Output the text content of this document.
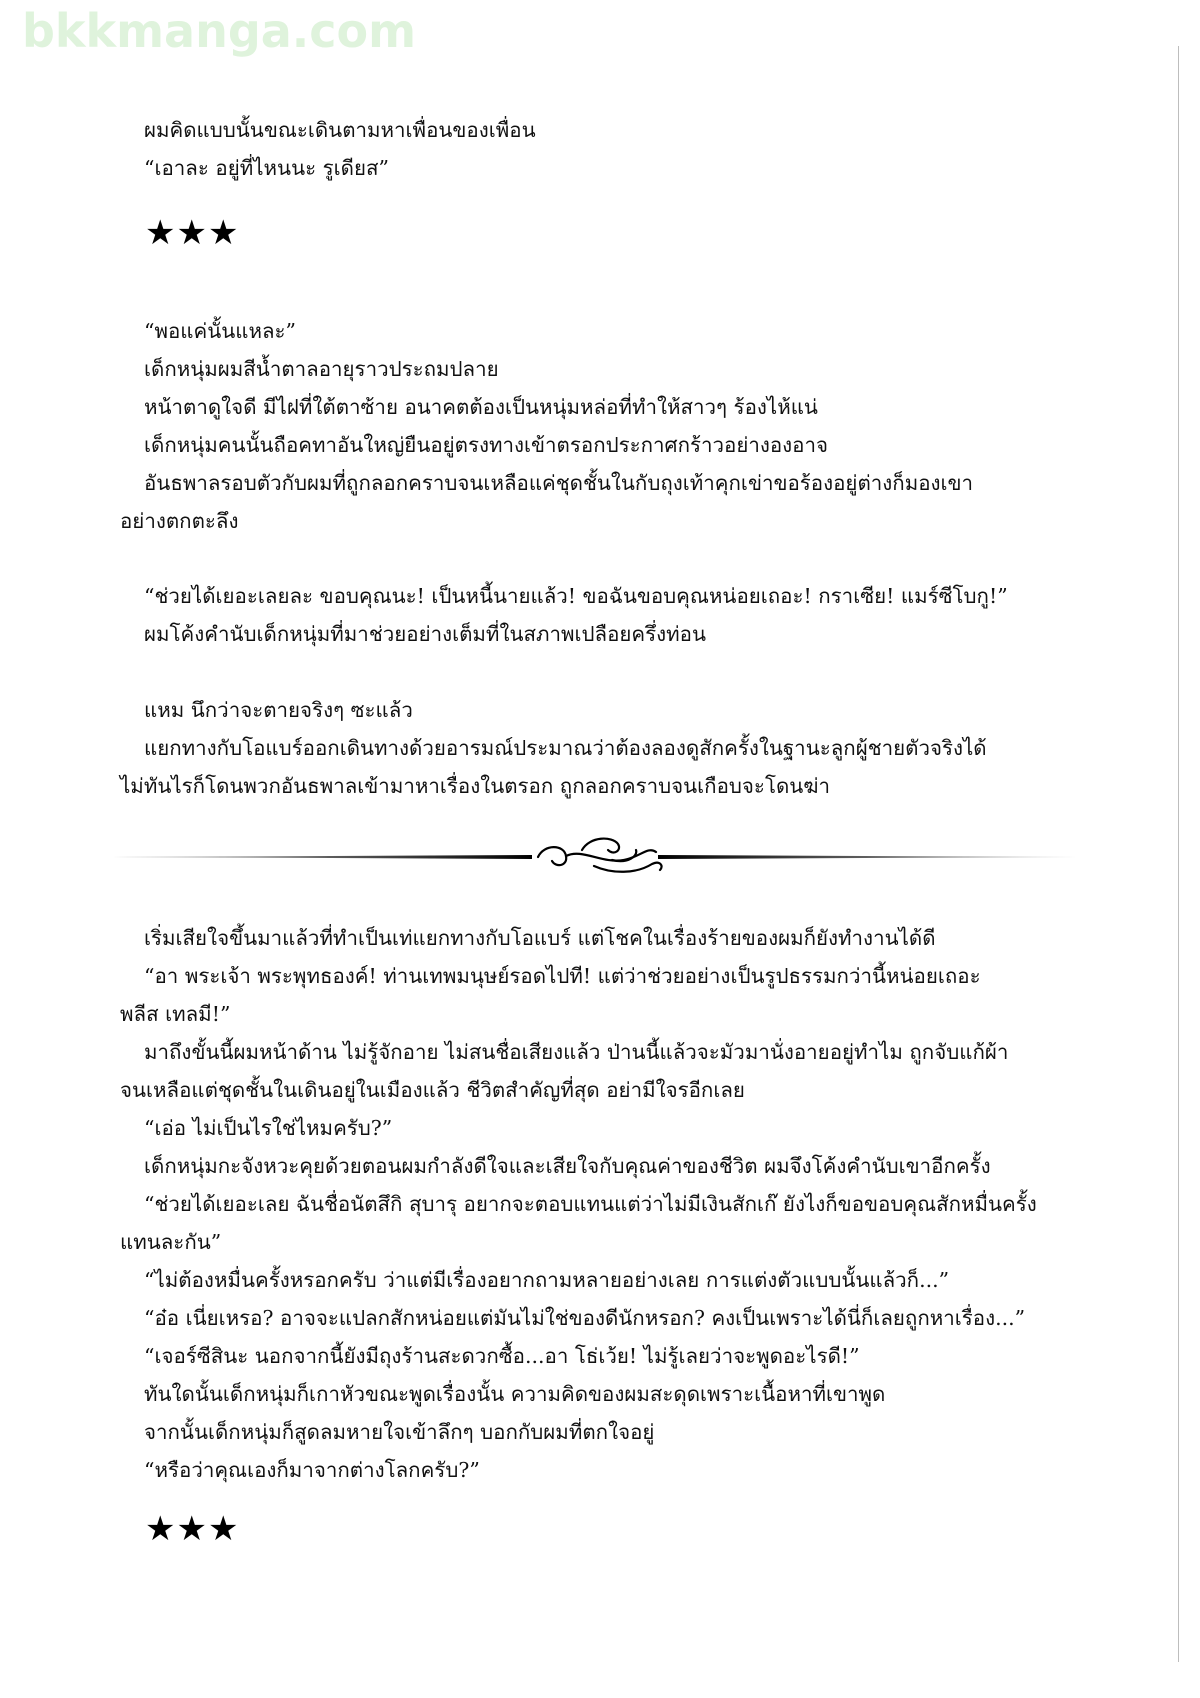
bkkmanga.com
ผมคิดแบบนั้นขณะเดินตามหาเพื่อนของเพื่อน
“เอาละ อยู่ที่ไหนนะ รูเดียส”
★★★
“พอแค่นั้นแหละ”
เด็กหนุ่มผมสีน้ำตาลอายุราวประถมปลาย
หน้าตาดูใจดี มีไฝที่ใต้ตาซ้าย อนาคตต้องเป็นหนุ่มหล่อที่ทำให้สาวๆ ร้องไห้แน่
เด็กหนุ่มคนนั้นถือคทาอันใหญ่ยืนอยู่ตรงทางเข้าตรอกประกาศกร้าวอย่างองอาจ
อันธพาลรอบตัวกับผมที่ถูกลอกคราบจนเหลือแค่ชุดชั้นในกับถุงเท้าคุกเข่าขอร้องอยู่ต่างก็มองเขา
อย่างตกตะลึง
“ช่วยได้เยอะเลยละ ขอบคุณนะ! เป็นหนี้นายแล้ว! ขอฉันขอบคุณหน่อยเถอะ! กราเซีย! แมร์ซีโบกู!”
ผมโค้งคำนับเด็กหนุ่มที่มาช่วยอย่างเต็มที่ในสภาพเปลือยครึ่งท่อน
แหม นึกว่าจะตายจริงๆ ซะแล้ว
แยกทางกับโอแบร์ออกเดินทางด้วยอารมณ์ประมาณว่าต้องลองดูสักครั้งในฐานะลูกผู้ชายตัวจริงได้
ไม่ทันไรก็โดนพวกอันธพาลเข้ามาหาเรื่องในตรอก ถูกลอกคราบจนเกือบจะโดนฆ่า
เริ่มเสียใจขึ้นมาแล้วที่ทำเป็นเท่แยกทางกับโอแบร์ แต่โชคในเรื่องร้ายของผมก็ยังทำงานได้ดี
“อา พระเจ้า พระพุทธองค์! ท่านเทพมนุษย์รอดไปที! แต่ว่าช่วยอย่างเป็นรูปธรรมกว่านี้หน่อยเถอะ
พลีส เทลมี!”
มาถึงขั้นนี้ผมหน้าด้าน ไม่รู้จักอาย ไม่สนชื่อเสียงแล้ว ป่านนี้แล้วจะมัวมานั่งอายอยู่ทำไม ถูกจับแก้ผ้า
จนเหลือแต่ชุดชั้นในเดินอยู่ในเมืองแล้ว ชีวิตสำคัญที่สุด อย่ามีใจรอีกเลย
“เอ่อ ไม่เป็นไรใช่ไหมครับ?”
เด็กหนุ่มกะจังหวะคุยด้วยตอนผมกำลังดีใจและเสียใจกับคุณค่าของชีวิต ผมจึงโค้งคำนับเขาอีกครั้ง
“ช่วยได้เยอะเลย ฉันชื่อนัตสึกิ สุบารุ อยากจะตอบแทนแต่ว่าไม่มีเงินสักเก๊ ยังไงก็ขอขอบคุณสักหมื่นครั้ง
แทนละกัน”
“ไม่ต้องหมื่นครั้งหรอกครับ ว่าแต่มีเรื่องอยากถามหลายอย่างเลย การแต่งตัวแบบนั้นแล้วก็...”
“อ๋อ เนี่ยเหรอ? อาจจะแปลกสักหน่อยแต่มันไม่ใช่ของดีนักหรอก? คงเป็นเพราะได้นี่ก็เลยถูกหาเรื่อง...”
“เจอร์ซีสินะ นอกจากนี้ยังมีถุงร้านสะดวกซื้อ...อา โธ่เว้ย! ไม่รู้เลยว่าจะพูดอะไรดี!”
ทันใดนั้นเด็กหนุ่มก็เกาหัวขณะพูดเรื่องนั้น ความคิดของผมสะดุดเพราะเนื้อหาที่เขาพูด
จากนั้นเด็กหนุ่มก็สูดลมหายใจเข้าลึกๆ บอกกับผมที่ตกใจอยู่
“หรือว่าคุณเองก็มาจากต่างโลกครับ?”
★★★
